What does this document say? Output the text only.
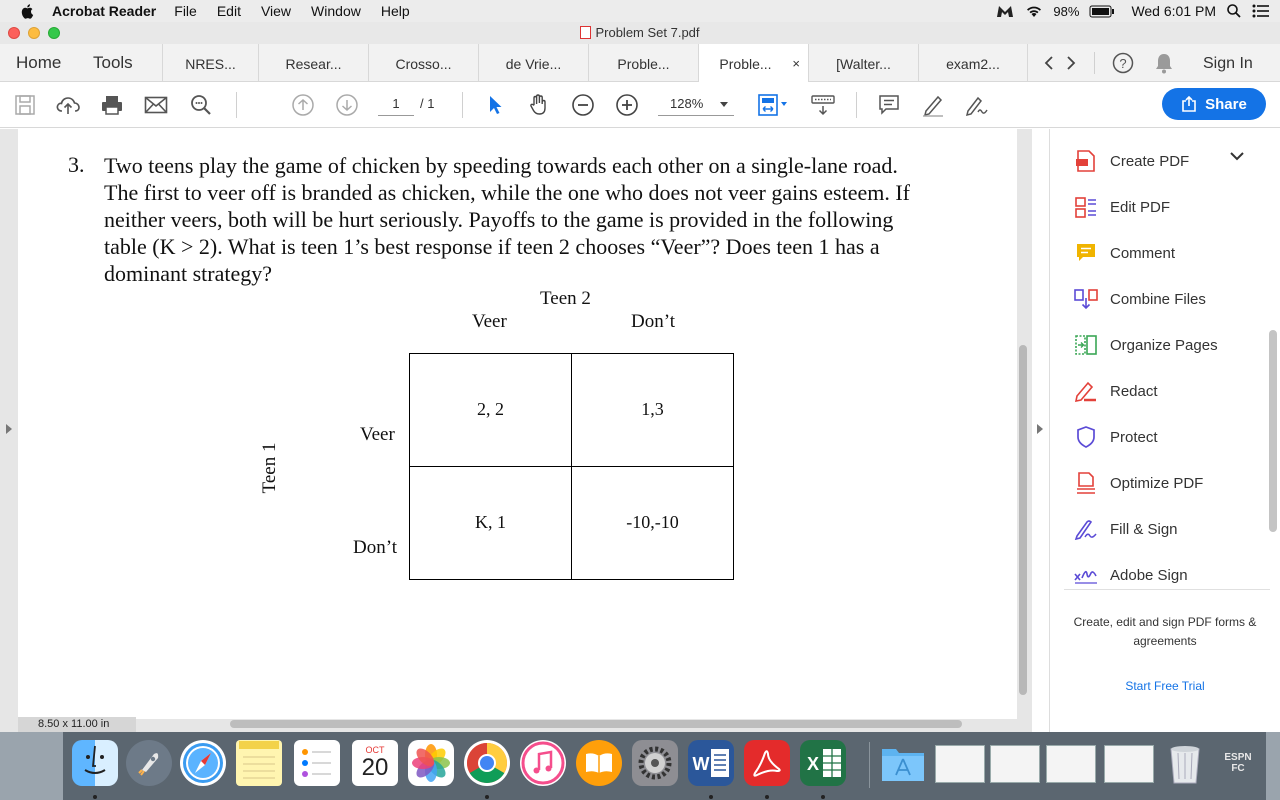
Acrobat Reader File Edit View Window Help	98%	Wed 6:01 PM
Problem Set 7.pdf
Home Tools	NRES...	Resear...	Crosso...	de Vrie...	Proble...	Proble... ×	[Walter...	exam2...	?	Sign In
1	/ 1	128%	Share
3. Two teens play the game of chicken by speeding towards each other on a single-lane road. The first to veer off is branded as chicken, while the one who does not veer gains esteem. If neither veers, both will be hurt seriously. Payoffs to the game is provided in the following table (K > 2). What is teen 1’s best response if teen 2 chooses “Veer”? Does teen 1 has a dominant strategy?
Teen 2
Veer	Don’t
Veer
Don’t
Teen 1
2, 2	1,3
K, 1	-10,-10
8.50 x 11.00 in
Create PDF
Edit PDF
Comment
Combine Files
Organize Pages
Redact
Protect
Optimize PDF
Fill & Sign
Adobe Sign
Create, edit and sign PDF forms & agreements
Start Free Trial
OCT
20	W	X	ESPN FC
